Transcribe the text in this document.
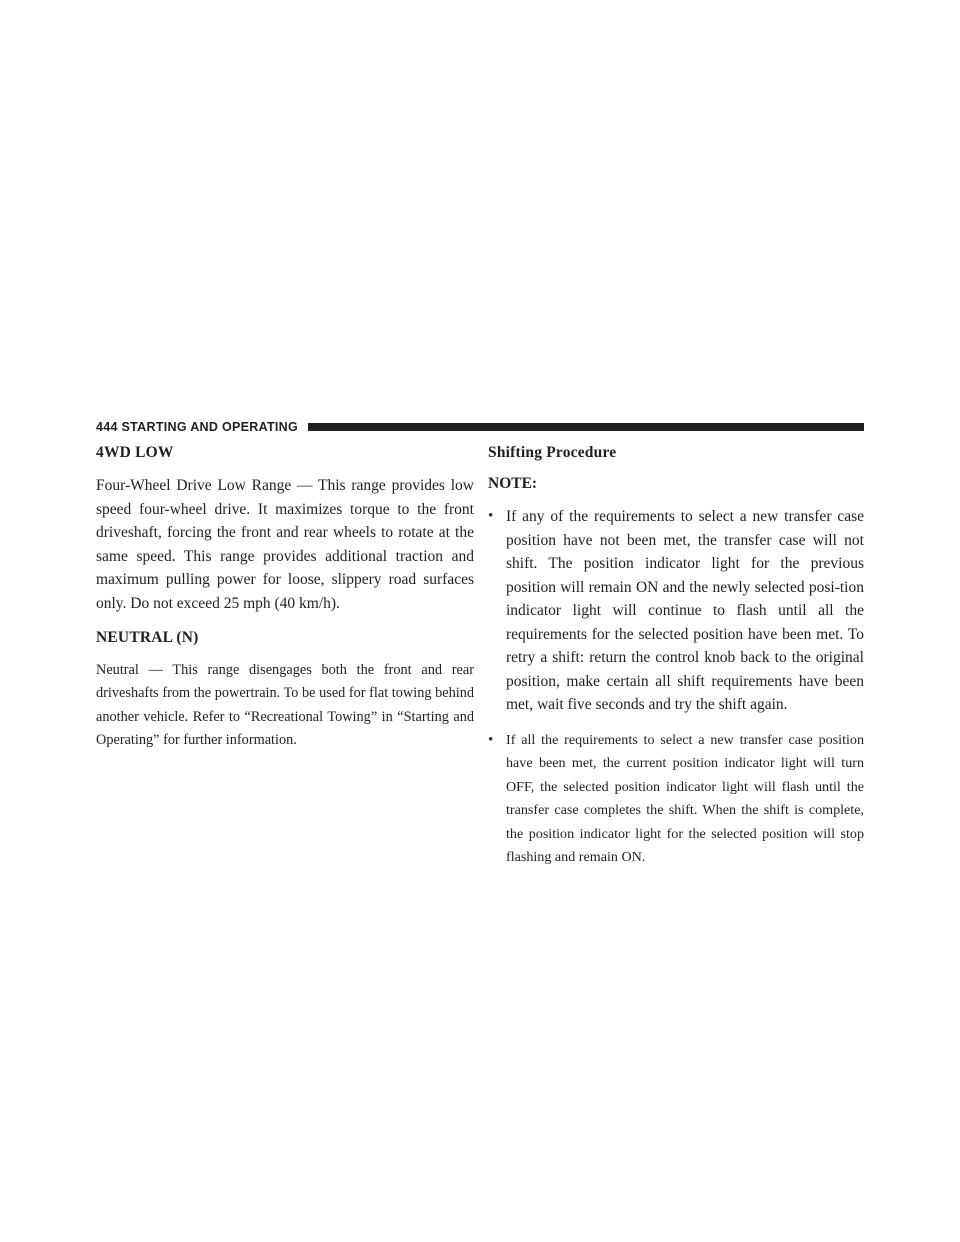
444 STARTING AND OPERATING
4WD LOW

Four-Wheel Drive Low Range — This range provides low speed four-wheel drive. It maximizes torque to the front driveshaft, forcing the front and rear wheels to rotate at the same speed. This range provides additional traction and maximum pulling power for loose, slippery road surfaces only. Do not exceed 25 mph (40 km/h).

NEUTRAL (N)

Neutral — This range disengages both the front and rear driveshafts from the powertrain. To be used for flat towing behind another vehicle. Refer to “Recreational Towing” in “Starting and Operating” for further information.

Shifting Procedure
NOTE:
• If any of the requirements to select a new transfer case position have not been met, the transfer case will not shift. The position indicator light for the previous position will remain ON and the newly selected posi-tion indicator light will continue to flash until all the requirements for the selected position have been met. To retry a shift: return the control knob back to the original position, make certain all shift requirements have been met, wait five seconds and try the shift again.
• If all the requirements to select a new transfer case position have been met, the current position indicator light will turn OFF, the selected position indicator light will flash until the transfer case completes the shift. When the shift is complete, the position indicator light for the selected position will stop flashing and remain ON.
